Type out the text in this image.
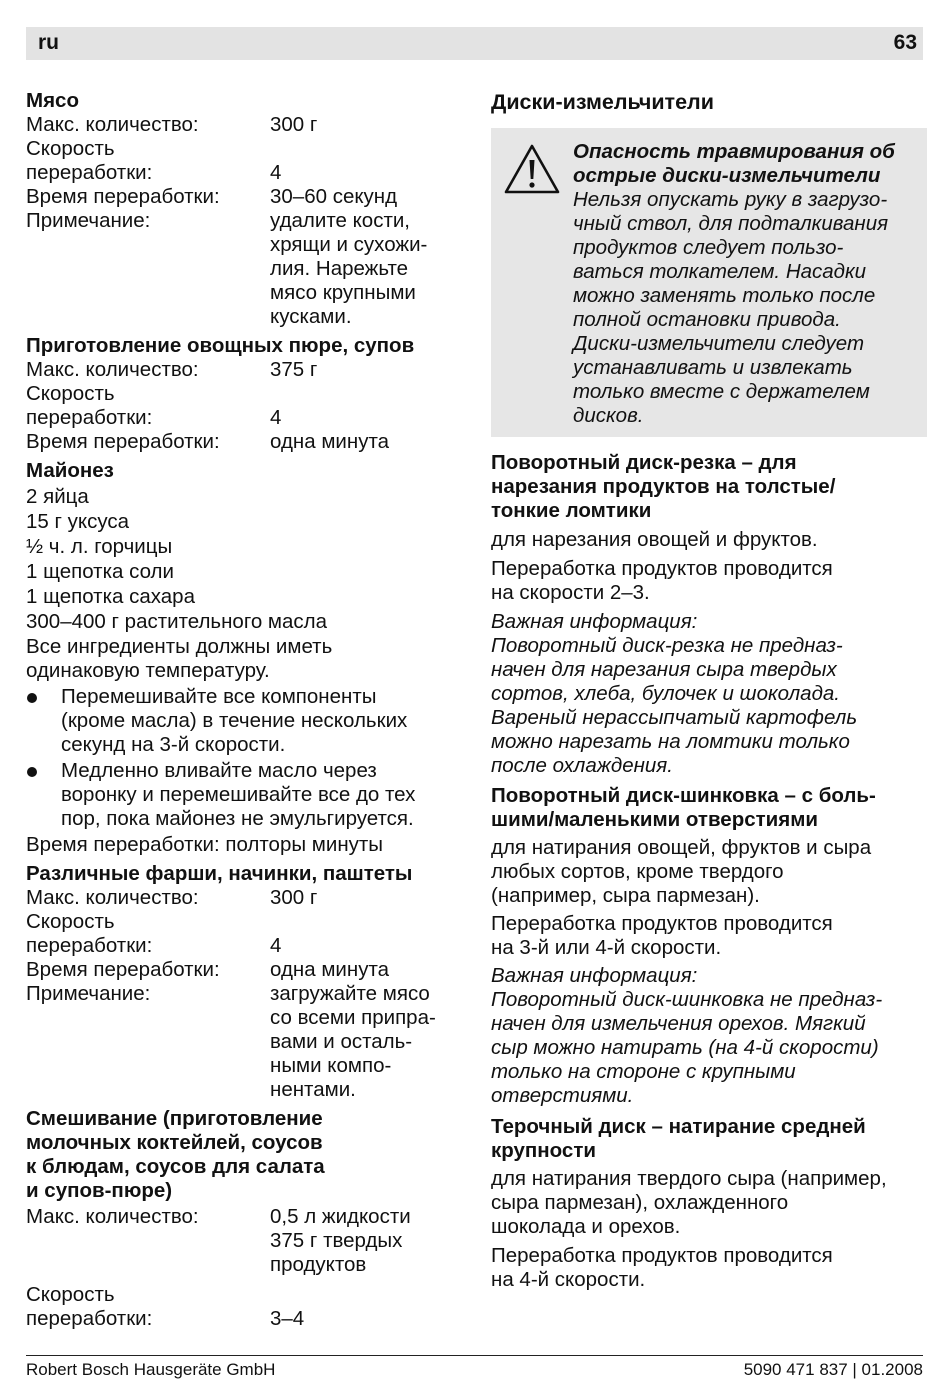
ru	63
Мясо
Макс. количество:	300 г
Скорость
переработки:	4
Время переработки:	30–60 секунд
Примечание:	удалите кости,
хрящи и сухожи-
лия. Нарежьте
мясо крупными
кусками.
Приготовление овощных пюре, супов
Макс. количество:	375 г
Скорость
переработки:	4
Время переработки:	одна минута
Майонез
2 яйца
15 г уксуса
½ ч. л. горчицы
1 щепотка соли
1 щепотка сахара
300–400 г растительного масла
Все ингредиенты должны иметь
одинаковую температуру.
Перемешивайте все компоненты
(кроме масла) в течение нескольких
секунд на 3-й скорости.
Медленно вливайте масло через
воронку и перемешивайте все до тех
пор, пока майонез не эмульгируется.
Время переработки: полторы минуты
Различные фарши, начинки, паштеты
Макс. количество:	300 г
Скорость
переработки:	4
Время переработки:	одна минута
Примечание:	загружайте мясо
со всеми припра-
вами и осталь-
ными компо-
нентами.
Смешивание (приготовление
молочных коктейлей, соусов
к блюдам, соусов для салата
и супов-пюре)
Макс. количество:	0,5 л жидкости
375 г твердых
продуктов
Скорость
переработки:	3–4
Диски-измельчители
Опасность травмирования об
острые диски-измельчители
Нельзя опускать руку в загрузо-
чный ствол, для подталкивания
продуктов следует пользо-
ваться толкателем. Насадки
можно заменять только после
полной остановки привода.
Диски-измельчители следует
устанавливать и извлекать
только вместе с держателем
дисков.
Поворотный диск-резка – для
нарезания продуктов на толстые/
тонкие ломтики
для нарезания овощей и фруктов.
Переработка продуктов проводится
на скорости 2–3.
Важная информация:
Поворотный диск-резка не предназ-
начен для нарезания сыра твердых
сортов, хлеба, булочек и шоколада.
Вареный нерассыпчатый картофель
можно нарезать на ломтики только
после охлаждения.
Поворотный диск-шинковка – с боль-
шими/маленькими отверстиями
для натирания овощей, фруктов и сыра
любых сортов, кроме твердого
(например, сыра пармезан).
Переработка продуктов проводится
на 3-й или 4-й скорости.
Важная информация:
Поворотный диск-шинковка не предназ-
начен для измельчения орехов. Мягкий
сыр можно натирать (на 4-й скорости)
только на стороне с крупными
отверстиями.
Терочный диск – натирание средней
крупности
для натирания твердого сыра (например,
сыра пармезан), охлажденного
шоколада и орехов.
Переработка продуктов проводится
на 4-й скорости.
Robert Bosch Hausgeräte GmbH	5090 471 837 | 01.2008
